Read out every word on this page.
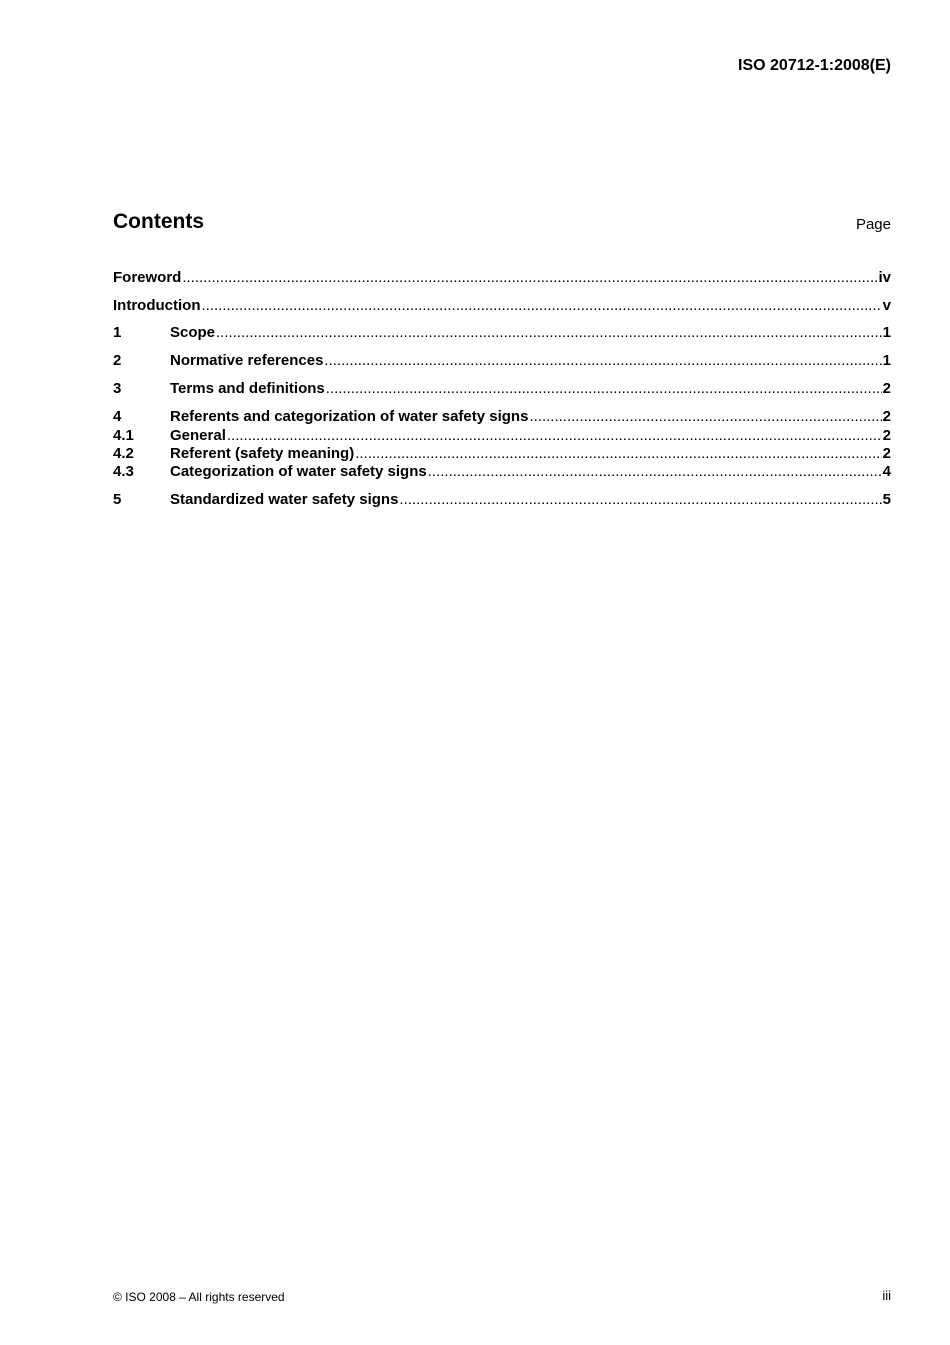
ISO 20712-1:2008(E)
Contents	Page
Foreword .....	iv
Introduction .....	v
1	Scope .....	1
2	Normative references .....	1
3	Terms and definitions .....	2
4	Referents and categorization of water safety signs .....	2
4.1	General .....	2
4.2	Referent (safety meaning) .....	2
4.3	Categorization of water safety signs .....	4
5	Standardized water safety signs .....	5
© ISO 2008 – All rights reserved	iii
